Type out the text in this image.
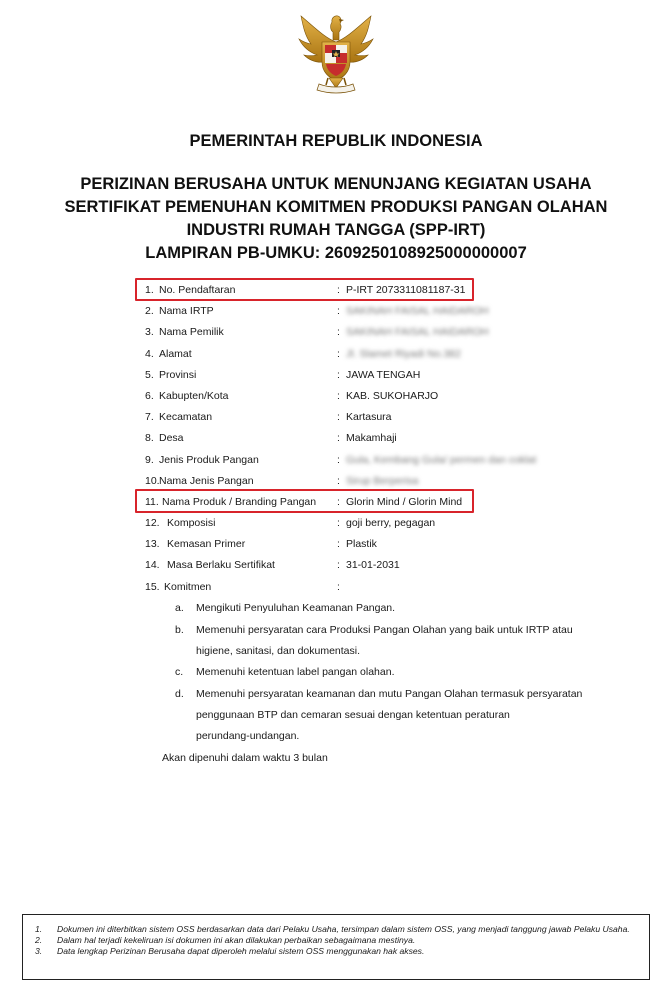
PEMERINTAH REPUBLIK INDONESIA
PERIZINAN BERUSAHA UNTUK MENUNJANG KEGIATAN USAHA
SERTIFIKAT PEMENUHAN KOMITMEN PRODUKSI PANGAN OLAHAN
INDUSTRI RUMAH TANGGA (SPP-IRT)
LAMPIRAN PB-UMKU: 2609250108925000000007
1. No. Pendaftaran	: P-IRT 2073311081187-31
2. Nama IRTP	: SAKINAH FAISAL HAIDAROH
3. Nama Pemilik	: SAKINAH FAISAL HAIDAROH
4. Alamat	: Jl. Slamet Riyadi No.382
5. Provinsi	: JAWA TENGAH
6. Kabupten/Kota	: KAB. SUKOHARJO
7. Kecamatan	: Kartasura
8. Desa	: Makamhaji
9. Jenis Produk Pangan	: Gula, Kembang Gula/ permen dan coklat
10. Nama Jenis Pangan	: Sirup Berperisa
11. Nama Produk / Branding Pangan : Glorin Mind / Glorin Mind
12. Komposisi	: goji berry, pegagan
13. Kemasan Primer	: Plastik
14. Masa Berlaku Sertifikat	: 31-01-2031
15. Komitmen	:
a. Mengikuti Penyuluhan Keamanan Pangan.
b. Memenuhi persyaratan cara Produksi Pangan Olahan yang baik untuk IRTP atau
higiene, sanitasi, dan dokumentasi.
c. Memenuhi ketentuan label pangan olahan.
d. Memenuhi persyaratan keamanan dan mutu Pangan Olahan termasuk persyaratan
penggunaan BTP dan cemaran sesuai dengan ketentuan peraturan
perundang-undangan.
Akan dipenuhi dalam waktu 3 bulan
1. Dokumen ini diterbitkan sistem OSS berdasarkan data dari Pelaku Usaha, tersimpan dalam sistem OSS, yang menjadi tanggung jawab Pelaku Usaha.
2. Dalam hal terjadi kekeliruan isi dokumen ini akan dilakukan perbaikan sebagaimana mestinya.
3. Data lengkap Perizinan Berusaha dapat diperoleh melalui sistem OSS menggunakan hak akses.
